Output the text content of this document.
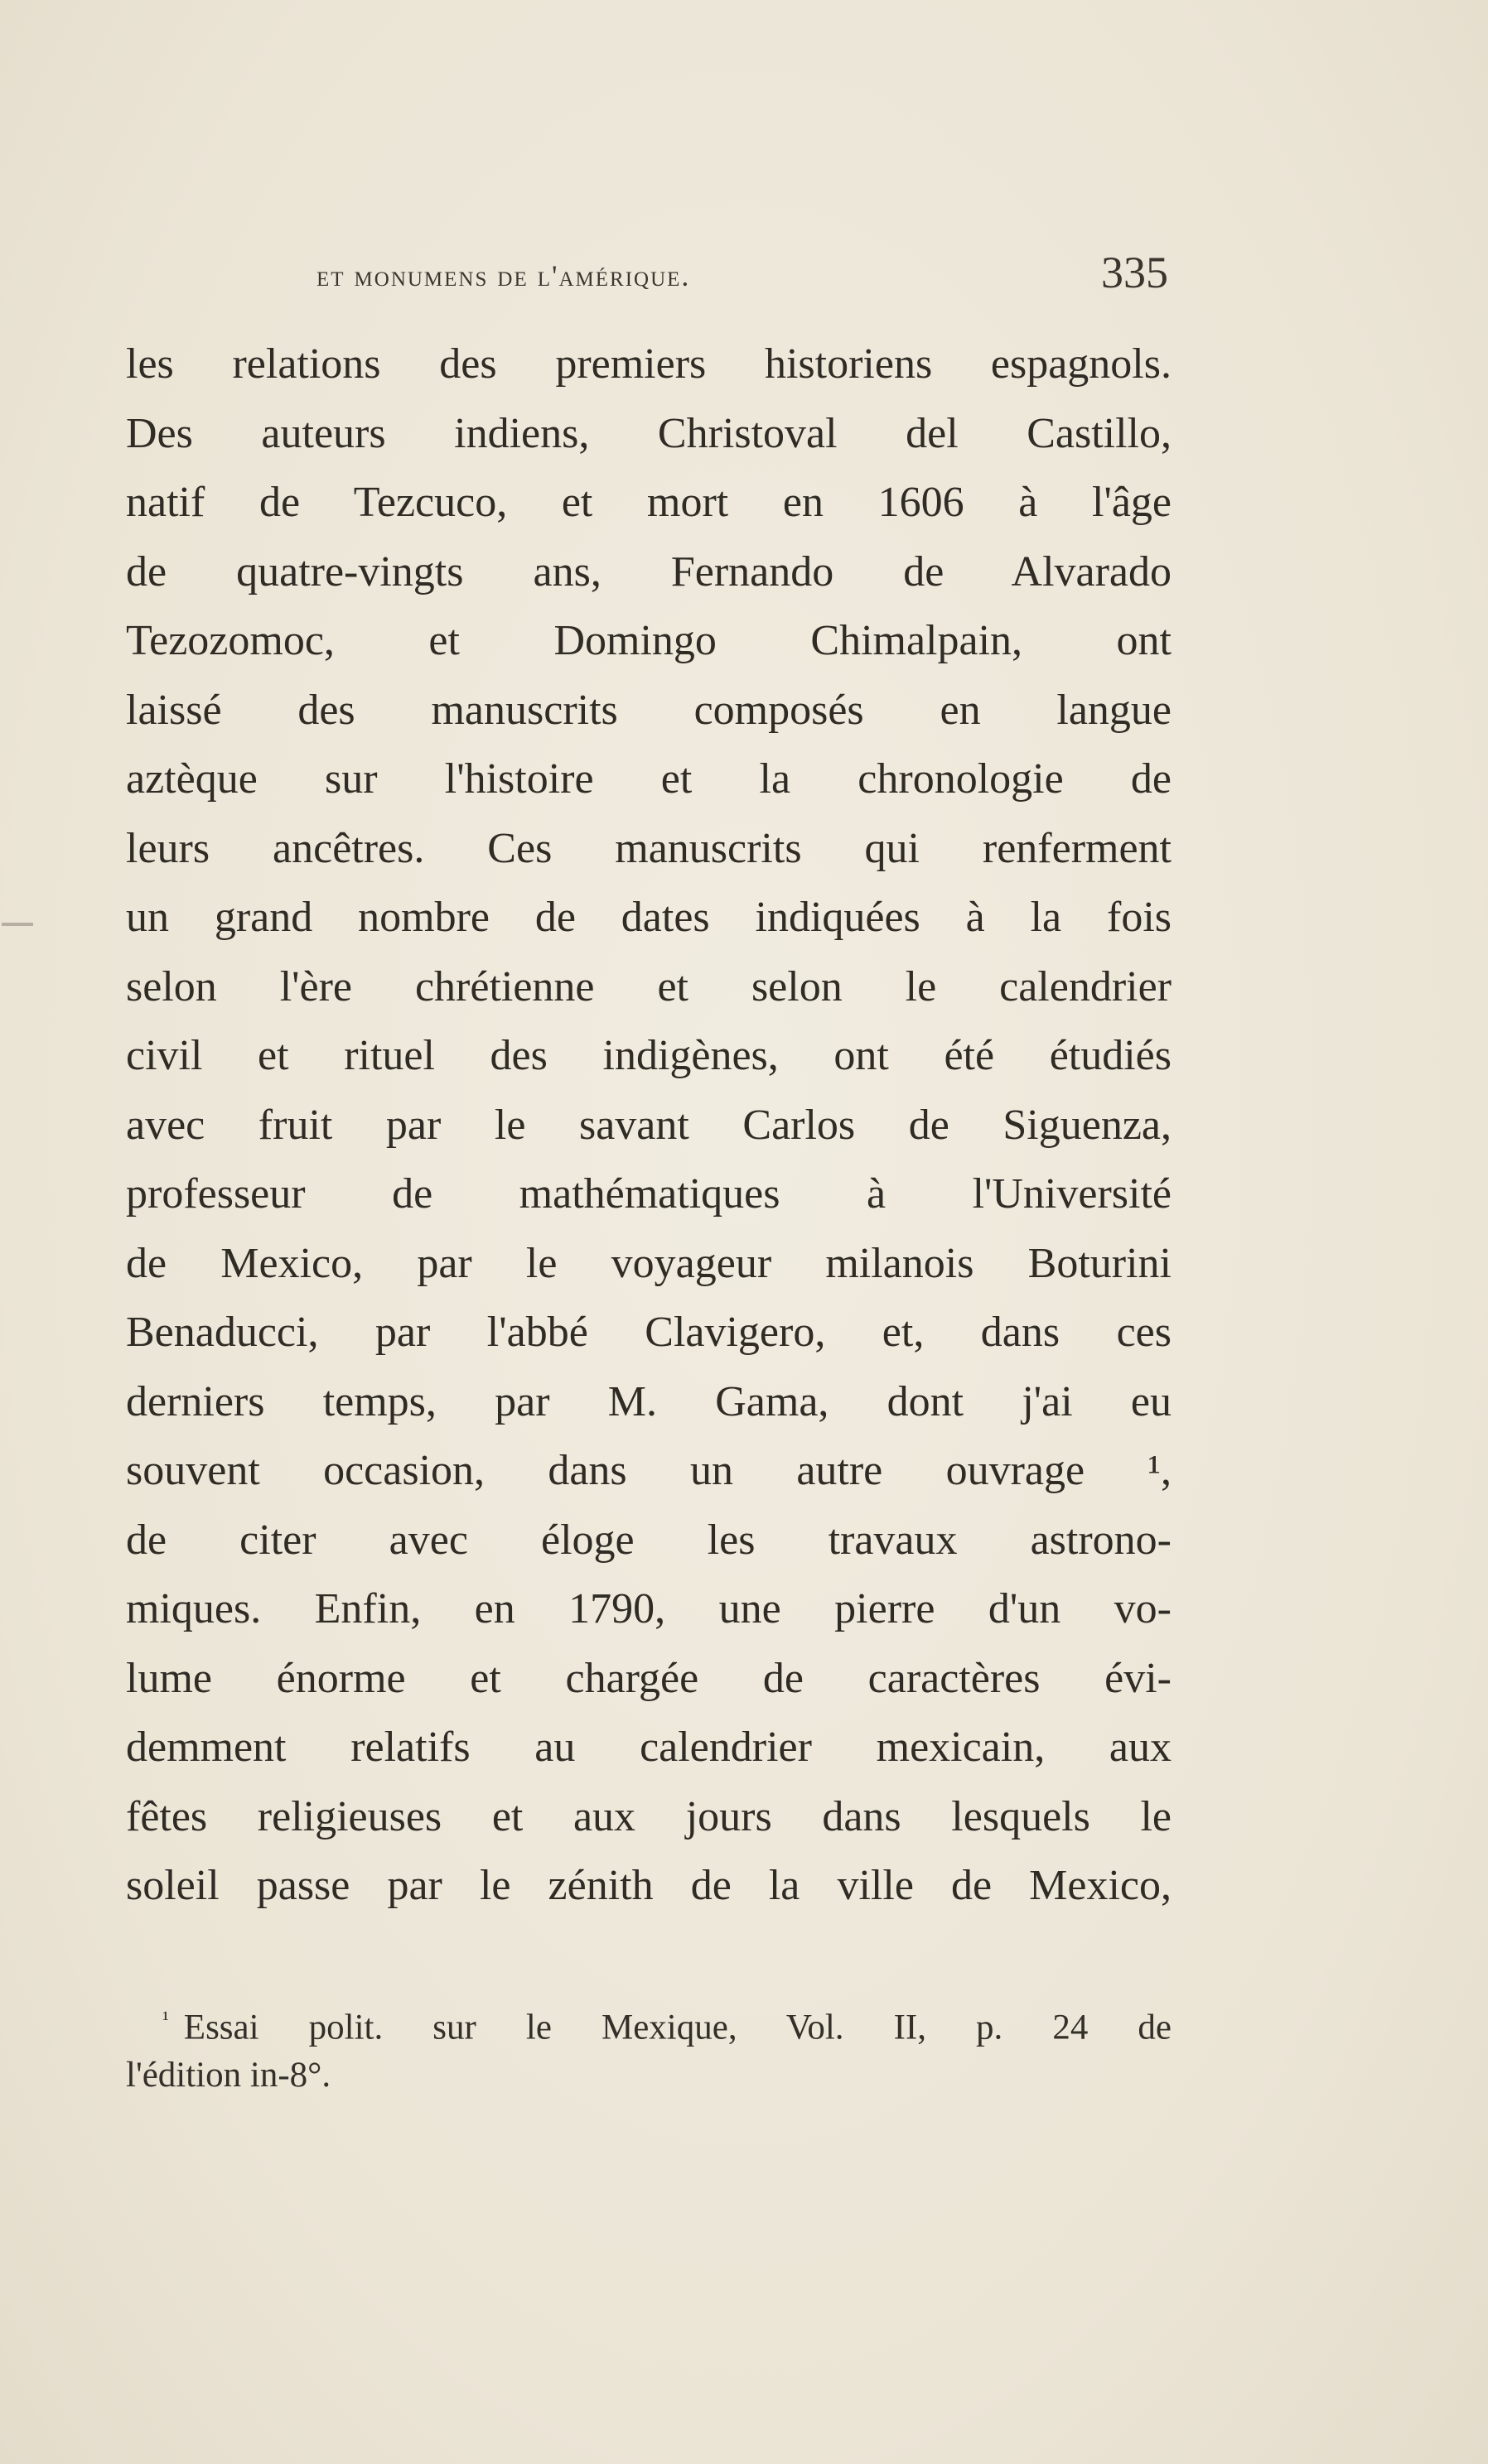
et monumens de l'amérique.	335
les relations des premiers historiens espagnols.
Des auteurs indiens, Christoval del Castillo,
natif de Tezcuco, et mort en 1606 à l'âge
de quatre-vingts ans, Fernando de Alvarado
Tezozomoc, et Domingo Chimalpain, ont
laissé des manuscrits composés en langue
aztèque sur l'histoire et la chronologie de
leurs ancêtres. Ces manuscrits qui renferment
un grand nombre de dates indiquées à la fois
selon l'ère chrétienne et selon le calendrier
civil et rituel des indigènes, ont été étudiés
avec fruit par le savant Carlos de Siguenza,
professeur de mathématiques à l'Université
de Mexico, par le voyageur milanois Boturini
Benaducci, par l'abbé Clavigero, et, dans ces
derniers temps, par M. Gama, dont j'ai eu
souvent occasion, dans un autre ouvrage ¹,
de citer avec éloge les travaux astrono-
miques. Enfin, en 1790, une pierre d'un vo-
lume énorme et chargée de caractères évi-
demment relatifs au calendrier mexicain, aux
fêtes religieuses et aux jours dans lesquels le
soleil passe par le zénith de la ville de Mexico,
$^{^1}$ Essai polit. sur le Mexique, Vol. II, p. 24 de
l'édition in-8°.
